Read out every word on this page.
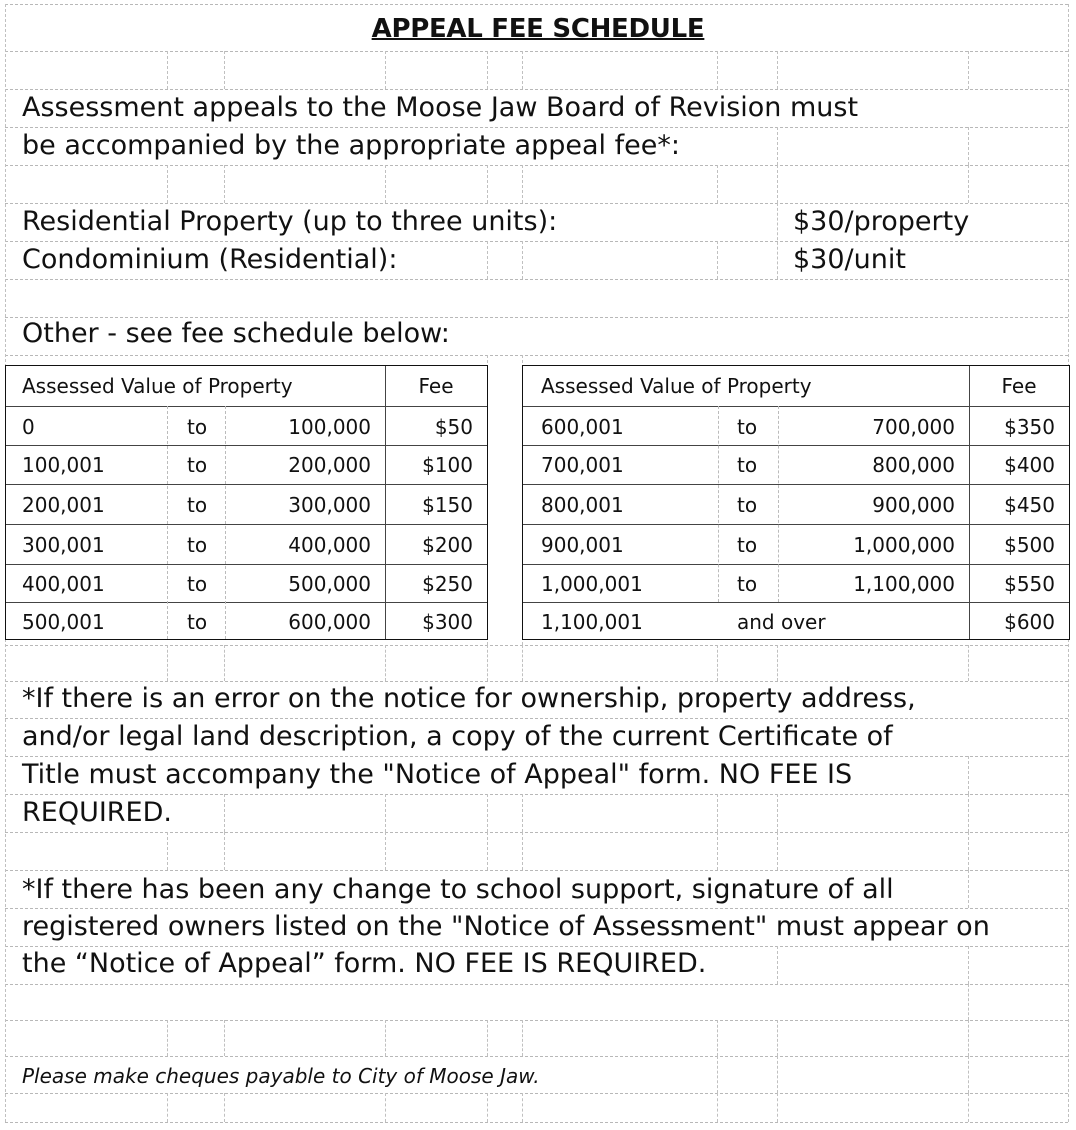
APPEAL FEE SCHEDULE
Assessment appeals to the Moose Jaw Board of Revision must
be accompanied by the appropriate appeal fee*:
Residential Property (up to three units):	$30/property
Condominium (Residential):	$30/unit
Other - see fee schedule below:
Assessed Value of Property	Fee
0	to	100,000	$50
100,001	to	200,000	$100
200,001	to	300,000	$150
300,001	to	400,000	$200
400,001	to	500,000	$250
500,001	to	600,000	$300
Assessed Value of Property	Fee
600,001	to	700,000	$350
700,001	to	800,000	$400
800,001	to	900,000	$450
900,001	to	1,000,000	$500
1,000,001	to	1,100,000	$550
1,100,001	and over	$600
*If there is an error on the notice for ownership, property address,
and/or legal land description, a copy of the current Certificate of
Title must accompany the "Notice of Appeal" form. NO FEE IS
REQUIRED.
*If there has been any change to school support, signature of all
registered owners listed on the "Notice of Assessment" must appear on
the “Notice of Appeal” form. NO FEE IS REQUIRED.
Please make cheques payable to City of Moose Jaw.
